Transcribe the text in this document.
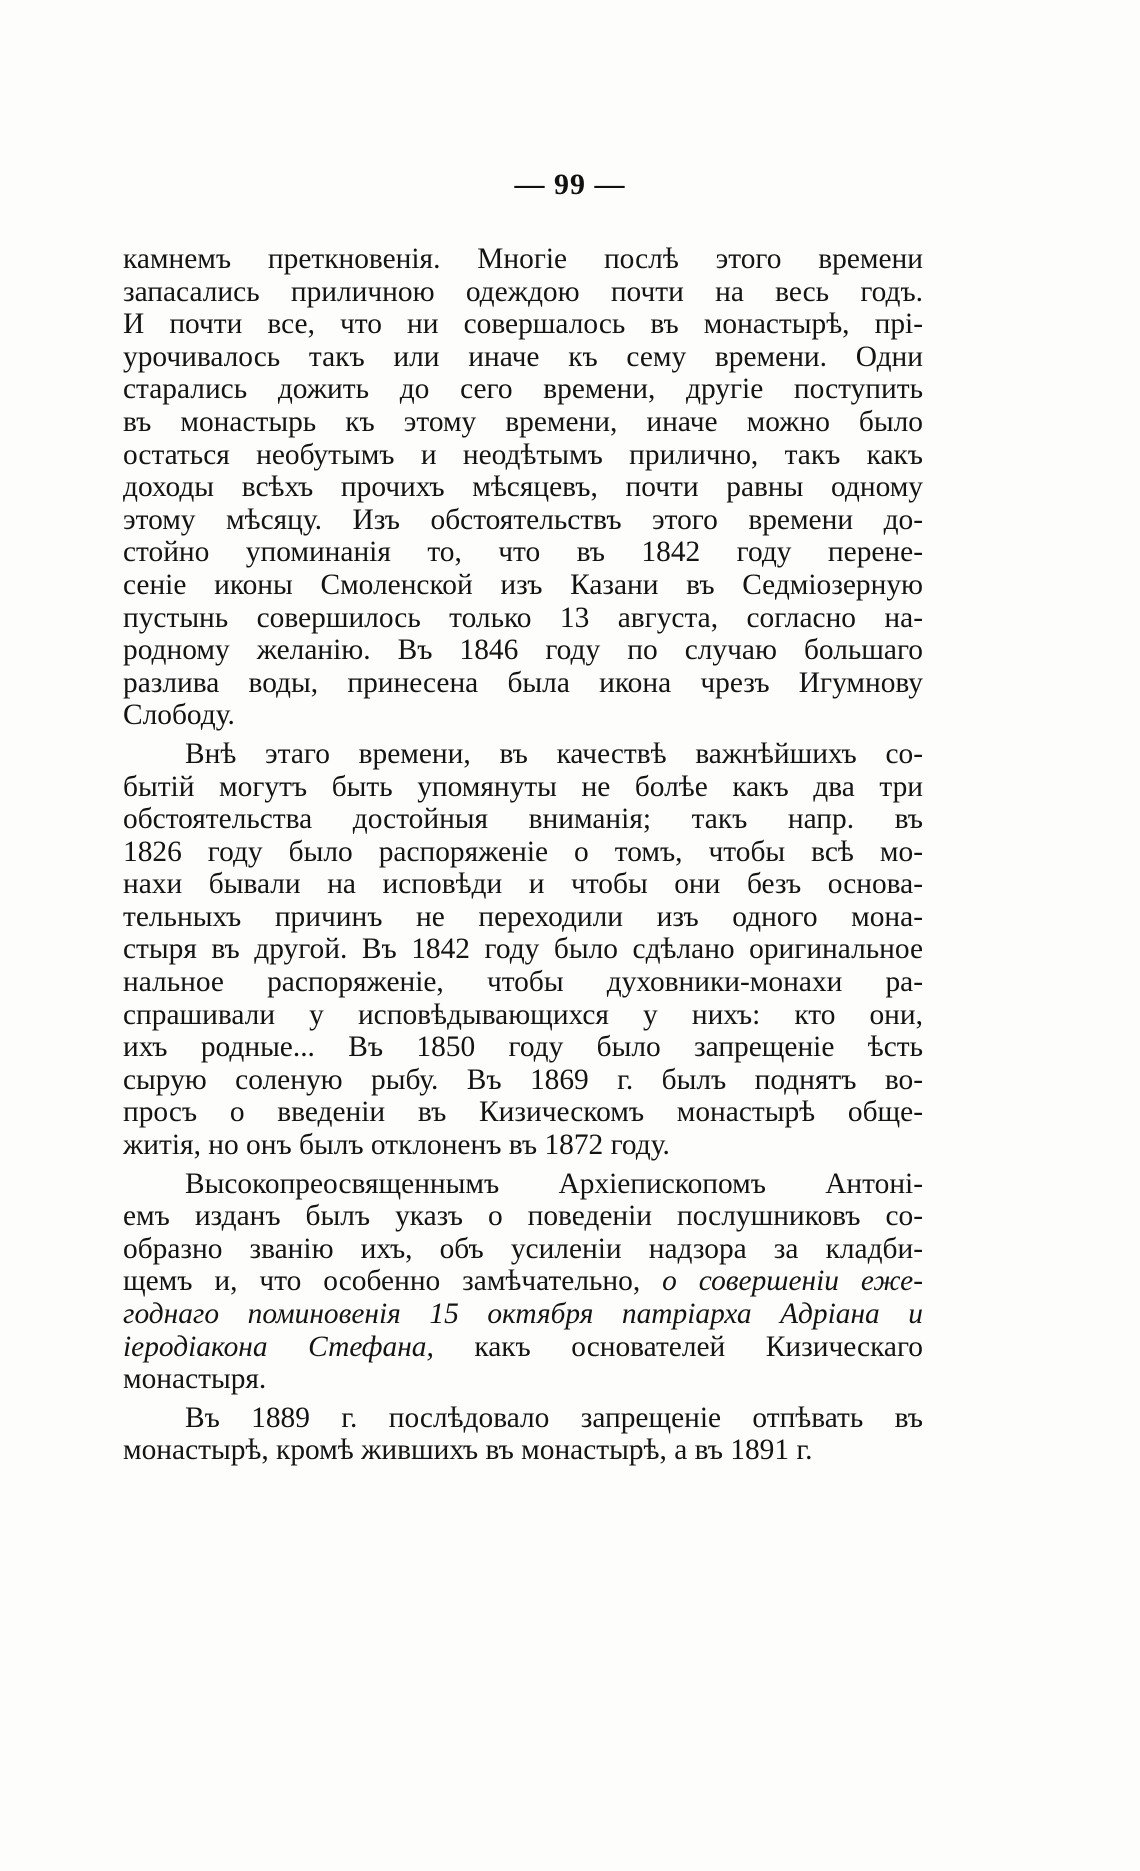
— 99 —

камнемъ преткновенія. Многіе послѣ этого времени
запасались приличною одеждою почти на весь годъ.
И почти все, что ни совершалось въ монастырѣ, прі-
урочивалось такъ или иначе къ сему времени. Одни
старались дожить до сего времени, другіе поступить
въ монастырь къ этому времени, иначе можно было
остаться необутымъ и неодѣтымъ прилично, такъ какъ
доходы всѣхъ прочихъ мѣсяцевъ, почти равны одному
этому мѣсяцу. Изъ обстоятельствъ этого времени до-
стойно упоминанія то, что въ 1842 году перене-
сеніе иконы Смоленской изъ Казани въ Седміозерную
пустынь совершилось только 13 августа, согласно на-
родному желанію. Въ 1846 году по случаю большаго
разлива воды, принесена была икона чрезъ Игумнову
Слободу.

Внѣ этаго времени, въ качествѣ важнѣйшихъ со-
бытій могутъ быть упомянуты не болѣе какъ два три
обстоятельства достойныя вниманія; такъ напр. въ
1826 году было распоряженіе о томъ, чтобы всѣ мо-
нахи бывали на исповѣди и чтобы они безъ основа-
тельныхъ причинъ не переходили изъ одного мона-
стыря въ другой. Въ 1842 году было сдѣлано оригинальное
нальное распоряженіе, чтобы духовники-монахи ра-
спрашивали у исповѣдывающихся у нихъ: кто они,
ихъ родные... Въ 1850 году было запрещеніе ѣсть
сырую соленую рыбу. Въ 1869 г. былъ поднятъ во-
просъ о введеніи въ Кизическомъ монастырѣ обще-
житія, но онъ былъ отклоненъ въ 1872 году.

Высокопреосвященнымъ Архіепископомъ Антоні-
емъ изданъ былъ указъ о поведеніи послушниковъ со-
образно званію ихъ, объ усиленіи надзора за кладби-
щемъ и, что особенно замѣчательно, о совершеніи еже-
годнаго поминовенія 15 октября патріарха Адріана и
іеродіакона Стефана, какъ основателей Кизическаго
монастыря.

Въ 1889 г. послѣдовало запрещеніе отпѣвать въ
монастырѣ, кромѣ жившихъ въ монастырѣ, а въ 1891 г.
